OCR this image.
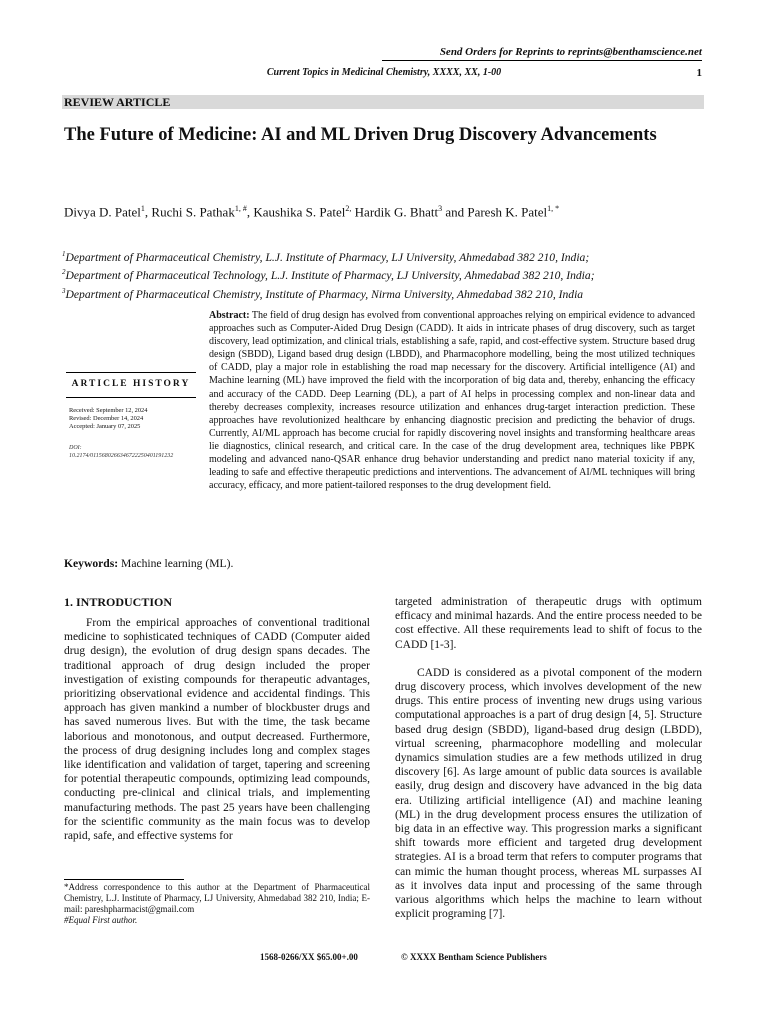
Send Orders for Reprints to reprints@benthamscience.net
Current Topics in Medicinal Chemistry, XXXX, XX, 1-00	1
REVIEW ARTICLE
The Future of Medicine: AI and ML Driven Drug Discovery Advancements
Divya D. Patel$^1$, Ruchi S. Pathak$^{1, \#}$, Kaushika S. Patel$^{2,}$ Hardik G. Bhatt$^3$ and Paresh K. Patel$^{1, *}$
$^1$Department of Pharmaceutical Chemistry, L.J. Institute of Pharmacy, LJ University, Ahmedabad 382 210, India;
$^2$Department of Pharmaceutical Technology, L.J. Institute of Pharmacy, LJ University, Ahmedabad 382 210, India;
$^3$Department of Pharmaceutical Chemistry, Institute of Pharmacy, Nirma University, Ahmedabad 382 210, India
ARTICLE HISTORY
Received: September 12, 2024
Revised: December 14, 2024
Accepted: January 07, 2025
DOI:
10.2174/0115680266346722250401191232
Abstract: The field of drug design has evolved from conventional approaches relying on empirical evidence to advanced approaches such as Computer-Aided Drug Design (CADD). It aids in intricate phases of drug discovery, such as target discovery, lead optimization, and clinical trials, establishing a safe, rapid, and cost-effective system. Structure based drug design (SBDD), Ligand based drug design (LBDD), and Pharmacophore modelling, being the most utilized techniques of CADD, play a major role in establishing the road map necessary for the discovery. Artificial intelligence (AI) and Machine learning (ML) have improved the field with the incorporation of big data and, thereby, enhancing the efficacy and accuracy of the CADD. Deep Learning (DL), a part of AI helps in processing complex and non-linear data and thereby decreases complexity, increases resource utilization and enhances drug-target interaction prediction. These approaches have revolutionized healthcare by enhancing diagnostic precision and predicting the behavior of drugs. Currently, AI/ML approach has become crucial for rapidly discovering novel insights and transforming healthcare areas lie diagnostics, clinical research, and critical care. In the case of the drug development area, techniques like PBPK modeling and advanced nano-QSAR enhance drug behavior understanding and predict nano material toxicity if any, leading to safe and effective therapeutic predictions and interventions. The advancement of AI/ML techniques will bring accuracy, efficacy, and more patient-tailored responses to the drug development field.
Keywords: Machine learning (ML).
1. INTRODUCTION

From the empirical approaches of conventional traditional medicine to sophisticated techniques of CADD (Computer aided drug design), the evolution of drug design spans decades. The traditional approach of drug design included the proper investigation of existing compounds for therapeutic advantages, prioritizing observational evidence and accidental findings. This approach has given mankind a number of blockbuster drugs and has saved numerous lives. But with the time, the task became laborious and monotonous, and output decreased. Furthermore, the process of drug designing includes long and complex stages like identification and validation of target, tapering and screening for potential therapeutic compounds, optimizing lead compounds, conducting pre-clinical and clinical trials, and implementing manufacturing methods. The past 25 years have been challenging for the scientific community as the main focus was to develop rapid, safe, and effective systems for

targeted administration of therapeutic drugs with optimum efficacy and minimal hazards. And the entire process needed to be cost effective. All these requirements lead to shift of focus to the CADD [1-3].

CADD is considered as a pivotal component of the modern drug discovery process, which involves development of the new drugs. This entire process of inventing new drugs using various computational approaches is a part of drug design [4, 5]. Structure based drug design (SBDD), ligand-based drug design (LBDD), virtual screening, pharmacophore modelling and molecular dynamics simulation studies are a few methods utilized in drug discovery [6]. As large amount of public data sources is available easily, drug design and discovery have advanced in the big data era. Utilizing artificial intelligence (AI) and machine leaning (ML) in the drug development process ensures the utilization of big data in an effective way. This progression marks a significant shift towards more efficient and targeted drug development strategies. AI is a broad term that refers to computer programs that can mimic the human thought process, whereas ML surpasses AI as it involves data input and processing of the same through various algorithms which helps the machine to learn without explicit programing [7].

*Address correspondence to this author at the Department of Pharmaceutical Chemistry, L.J. Institute of Pharmacy, LJ University, Ahmedabad 382 210, India; E-mail: pareshpharmacist@gmail.com
#Equal First author.
1568-0266/XX $65.00+.00	© XXXX Bentham Science Publishers
